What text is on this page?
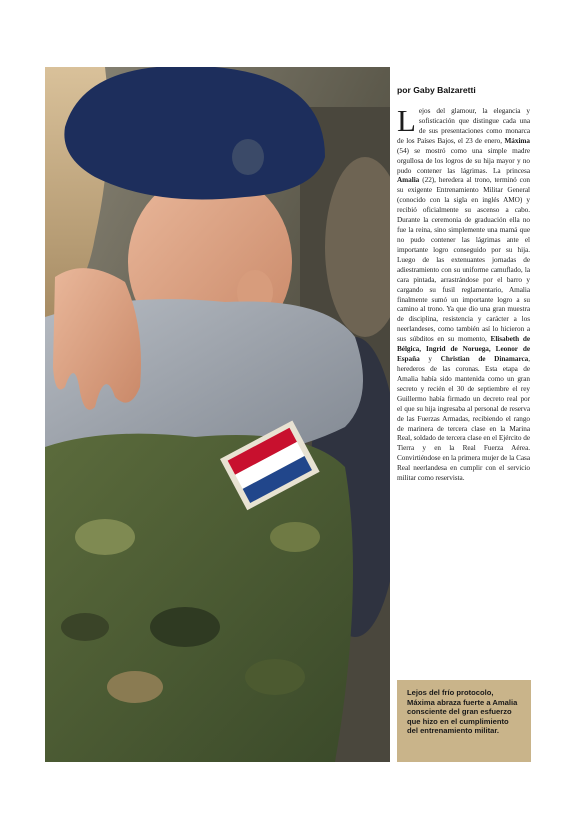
por Gaby Balzaretti

Lejos del glamour, la elegancia y sofisticación que distingue cada una de sus presentaciones como monarca de los Países Bajos, el 23 de enero, Máxima (54) se mostró como una simple madre orgullosa de los logros de su hija mayor y no pudo contener las lágrimas. La princesa Amalia (22), heredera al trono, terminó con su exigente Entrenamiento Militar General (conocido con la sigla en inglés AMO) y recibió oficialmente su ascenso a cabo. Durante la ceremonia de graduación ella no fue la reina, sino simplemente una mamá que no pudo contener las lágrimas ante el importante logro conseguido por su hija. Luego de las extenuantes jornadas de adiestramiento con su uniforme camuflado, la cara pintada, arrastrándose por el barro y cargando su fusil reglamentario, Amalia finalmente sumó un importante logro a su camino al trono. Ya que dio una gran muestra de disciplina, resistencia y carácter a los neerlandeses, como también así lo hicieron a sus súbditos en su momento, Elisabeth de Bélgica, Ingrid de Noruega, Leonor de España y Christian de Dinamarca, herederos de las coronas. Esta etapa de Amalia había sido mantenida como un gran secreto y recién el 30 de septiembre el rey Guillermo había firmado un decreto real por el que su hija ingresaba al personal de reserva de las Fuerzas Armadas, recibiendo el rango de marinera de tercera clase en la Marina Real, soldado de tercera clase en el Ejército de Tierra y en la Real Fuerza Aérea. Convirtiéndose en la primera mujer de la Casa Real neerlandesa en cumplir con el servicio militar como reservista.

Lejos del frío protocolo, Máxima abraza fuerte a Amalia consciente del gran esfuerzo que hizo en el cumplimiento del entrenamiento militar.
